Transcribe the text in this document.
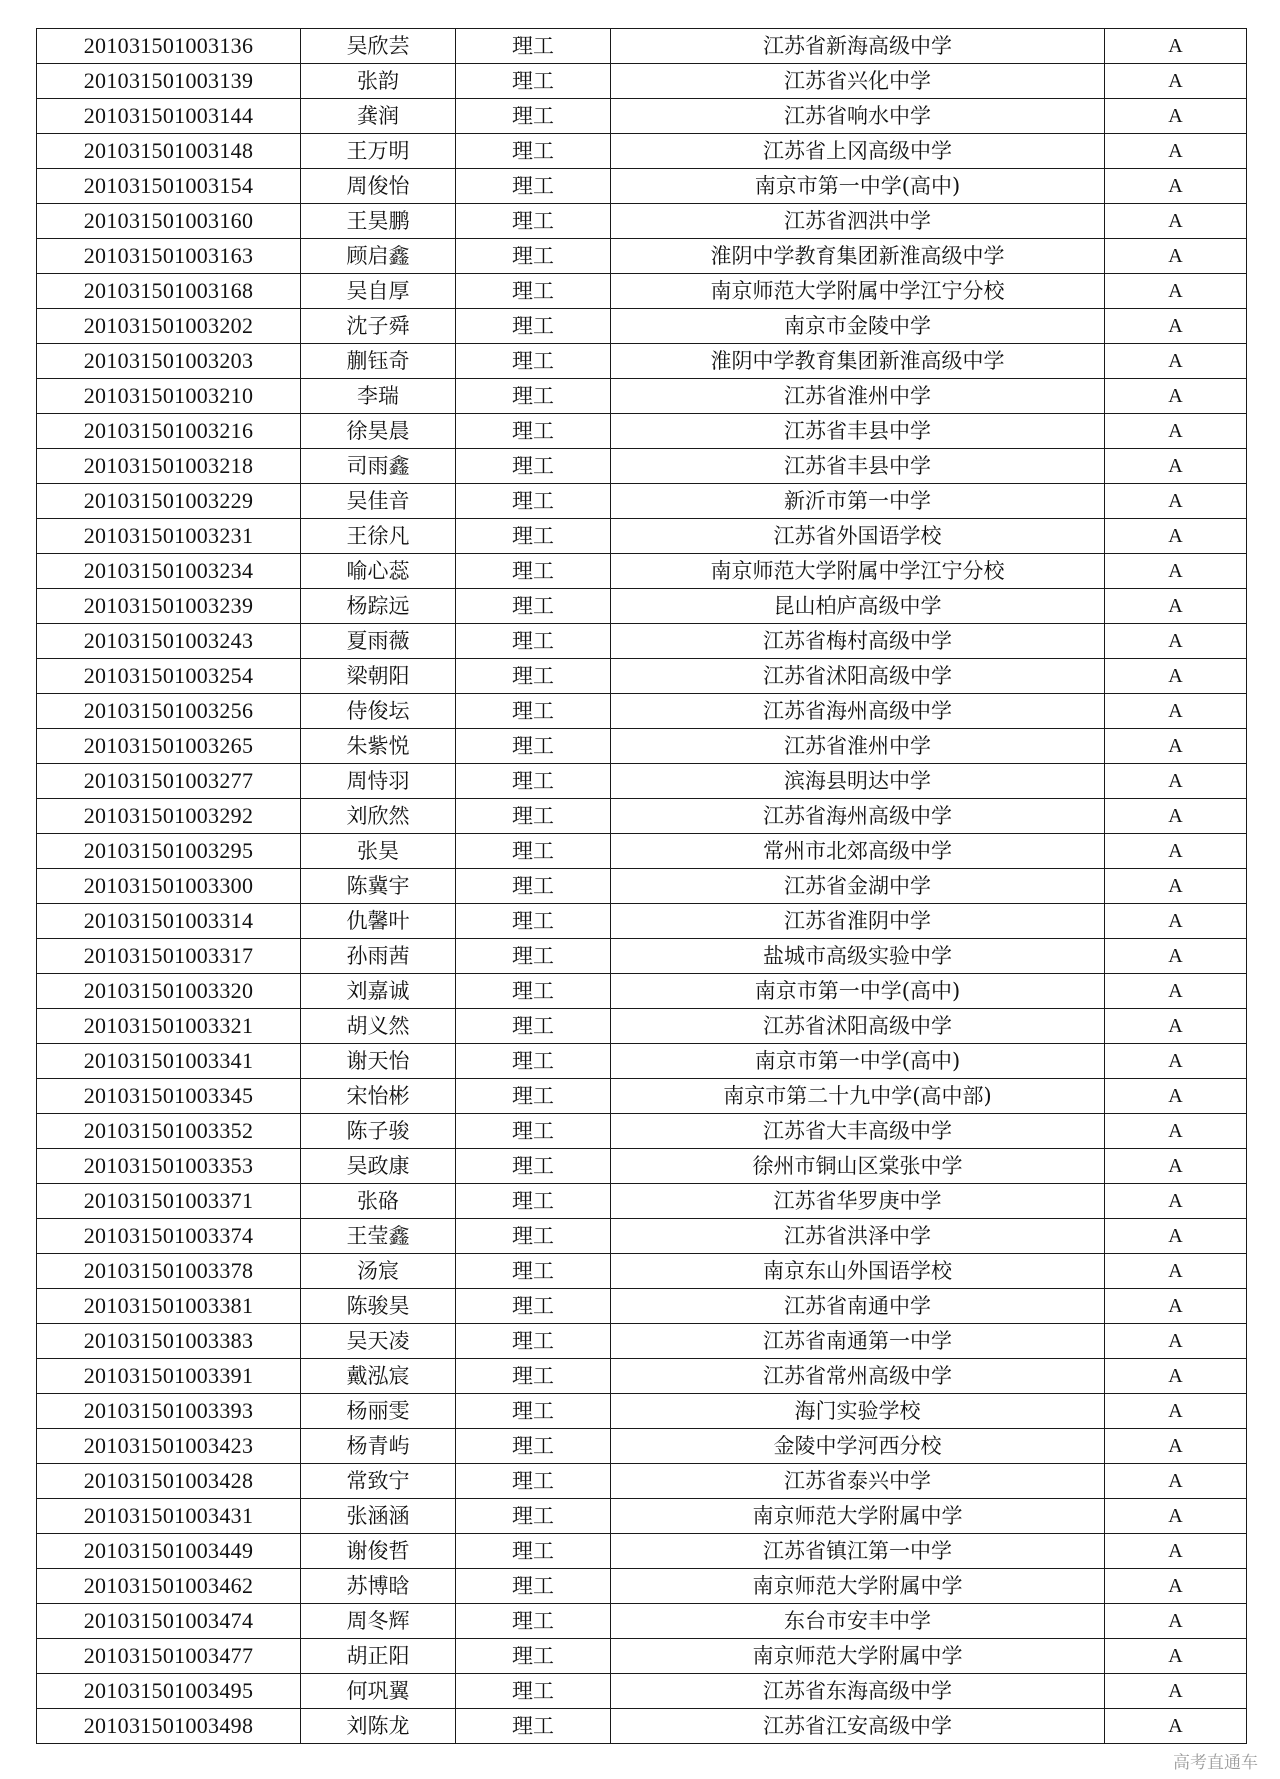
201031501003136	吴欣芸	理工	江苏省新海高级中学	A
201031501003139	张韵	理工	江苏省兴化中学	A
201031501003144	龚润	理工	江苏省响水中学	A
201031501003148	王万明	理工	江苏省上冈高级中学	A
201031501003154	周俊怡	理工	南京市第一中学(高中)	A
201031501003160	王昊鹏	理工	江苏省泗洪中学	A
201031501003163	顾启鑫	理工	淮阴中学教育集团新淮高级中学	A
201031501003168	吴自厚	理工	南京师范大学附属中学江宁分校	A
201031501003202	沈子舜	理工	南京市金陵中学	A
201031501003203	蒯钰奇	理工	淮阴中学教育集团新淮高级中学	A
201031501003210	李瑞	理工	江苏省淮州中学	A
201031501003216	徐昊晨	理工	江苏省丰县中学	A
201031501003218	司雨鑫	理工	江苏省丰县中学	A
201031501003229	吴佳音	理工	新沂市第一中学	A
201031501003231	王徐凡	理工	江苏省外国语学校	A
201031501003234	喻心蕊	理工	南京师范大学附属中学江宁分校	A
201031501003239	杨踪远	理工	昆山柏庐高级中学	A
201031501003243	夏雨薇	理工	江苏省梅村高级中学	A
201031501003254	梁朝阳	理工	江苏省沭阳高级中学	A
201031501003256	侍俊坛	理工	江苏省海州高级中学	A
201031501003265	朱紫悦	理工	江苏省淮州中学	A
201031501003277	周恃羽	理工	滨海县明达中学	A
201031501003292	刘欣然	理工	江苏省海州高级中学	A
201031501003295	张昊	理工	常州市北郊高级中学	A
201031501003300	陈冀宇	理工	江苏省金湖中学	A
201031501003314	仇馨叶	理工	江苏省淮阴中学	A
201031501003317	孙雨茜	理工	盐城市高级实验中学	A
201031501003320	刘嘉诚	理工	南京市第一中学(高中)	A
201031501003321	胡义然	理工	江苏省沭阳高级中学	A
201031501003341	谢天怡	理工	南京市第一中学(高中)	A
201031501003345	宋怡彬	理工	南京市第二十九中学(高中部)	A
201031501003352	陈子骏	理工	江苏省大丰高级中学	A
201031501003353	吴政康	理工	徐州市铜山区棠张中学	A
201031501003371	张硌	理工	江苏省华罗庚中学	A
201031501003374	王莹鑫	理工	江苏省洪泽中学	A
201031501003378	汤宸	理工	南京东山外国语学校	A
201031501003381	陈骏昊	理工	江苏省南通中学	A
201031501003383	吴天凌	理工	江苏省南通第一中学	A
201031501003391	戴泓宸	理工	江苏省常州高级中学	A
201031501003393	杨丽雯	理工	海门实验学校	A
201031501003423	杨青屿	理工	金陵中学河西分校	A
201031501003428	常致宁	理工	江苏省泰兴中学	A
201031501003431	张涵涵	理工	南京师范大学附属中学	A
201031501003449	谢俊哲	理工	江苏省镇江第一中学	A
201031501003462	苏博晗	理工	南京师范大学附属中学	A
201031501003474	周冬辉	理工	东台市安丰中学	A
201031501003477	胡正阳	理工	南京师范大学附属中学	A
201031501003495	何巩翼	理工	江苏省东海高级中学	A
201031501003498	刘陈龙	理工	江苏省江安高级中学	A
高考直通车
